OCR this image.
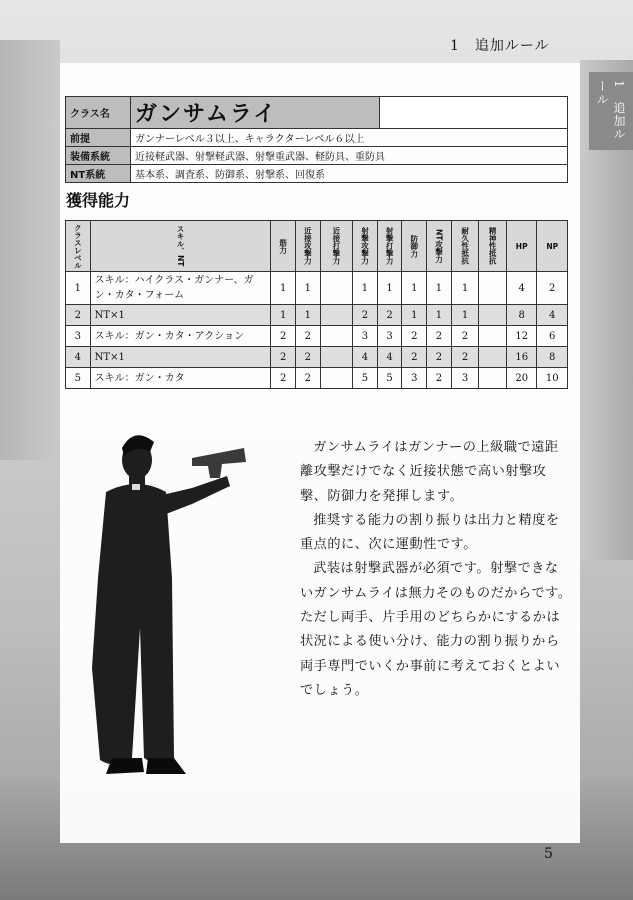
1　追加ルール
1　追加ルール
クラス名	ガンサムライ	
前提	ガンナーレベル３以上、キャラクターレベル６以上	
装備系統	近接軽武器、射撃軽武器、射撃重武器、軽防具、重防具	
NT系統	基本系、調査系、防御系、射撃系、回復系	
獲得能力
クラスレベル	スキル、NT	筋力	近接攻撃力	近接打撃力	射撃攻撃力	射撃打撃力	防御力	NT攻撃力	耐久性抵抗	精神性抵抗	HP	NP
1	スキル：ハイクラス・ガンナー、ガン・カタ・フォーム	1	1		1	1	1	1	1		4	2
2	NT×1	1	1		2	2	1	1	1		8	4
3	スキル：ガン・カタ・アクション	2	2		3	3	2	2	2		12	6
4	NT×1	2	2		4	4	2	2	2		16	8
5	スキル：ガン・カタ	2	2		5	5	3	2	3		20	10

ガンサムライはガンナーの上級職で遠距離攻撃だけでなく近接状態で高い射撃攻撃、防御力を発揮します。

推奨する能力の割り振りは出力と精度を重点的に、次に運動性です。

武装は射撃武器が必須です。射撃できないガンサムライは無力そのものだからです。ただし両手、片手用のどちらかにするかは状況による使い分け、能力の割り振りから両手専門でいくか事前に考えておくとよいでしょう。

5
